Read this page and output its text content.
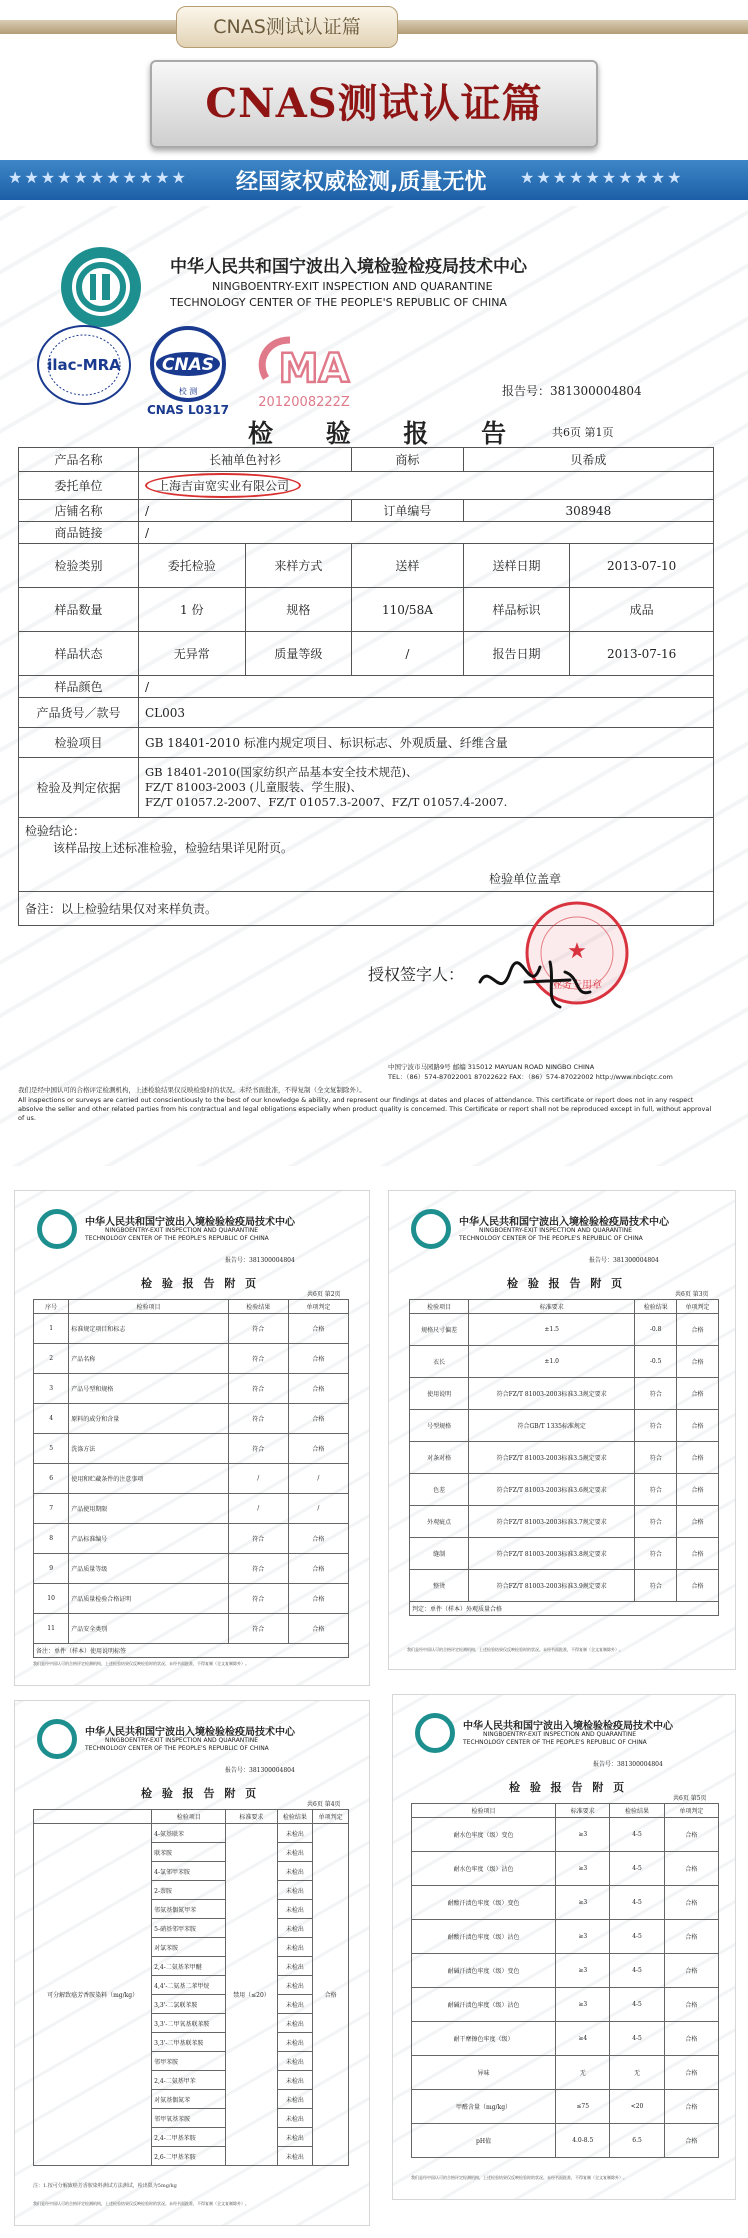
CNAS测试认证篇
CNAS测试认证篇
★★★★★★★★★★★ 经国家权威检测,质量无忧 ★★★★★★★★★★
中华人民共和国宁波出入境检验检疫局技术中心
NINGBOENTRY-EXIT INSPECTION AND QUARANTINE
TECHNOLOGY CENTER OF THE PEOPLE'S REPUBLIC OF CHINA
ilac-MRA CNAS
校 测
CNAS L0317
MA
2012008222Z
报告号：381300004804
检 验 报 告 共6页 第1页
产品名称	长袖单色衬衫		商标	贝希成	
委托单位	上海吉亩宽实业有限公司				
店铺名称	/		订单编号	308948	
商品链接	/				
检验类别	委托检验	来样方式	送样	送样日期	2013-07-10
样品数量	1 份	规格	110/58A	样品标识	成品
样品状态	无异常	质量等级	/	报告日期	2013-07-16
样品颜色	/				
产品货号／款号	CL003				
检验项目	GB 18401-2010 标准内规定项目、标识标志、外观质量、纤维含量				
检验及判定依据	GB 18401-2010(国家纺织产品基本安全技术规范)、
FZ/T 81003-2003 (儿童服装、学生服)、
FZ/T 01057.2-2007、FZ/T 01057.3-2007、FZ/T 01057.4-2007.				

检验结论：
该样品按上述标准检验，检验结果详见附页。
检验单位盖章					

备注：以上检验结果仅对来样负责。					
★
业务专用章
授权签字人：
中国宁波市马园路9号 邮编 315012 MAYUAN ROAD NINGBO CHINA
TEL：（86）574-87022001 87022622 FAX：（86）574-87022002 http://www.nbciqtc.com
我们是经中国认可的合格评定检测机构，上述检验结果仅反映检验时的状况。未经书面批准，不得复制（全文复制除外）。
All inspections or surveys are carried out conscientiously to the best of our knowledge & ability, and represent our findings at dates and places of attendance. This certificate or report does not in any respect absolve the seller and other related parties from his contractual and legal obligations especially when product quality is concerned. This Certificate or report shall not be reproduced except in full, without approval of us.
中华人民共和国宁波出入境检验检疫局技术中心
NINGBOENTRY-EXIT INSPECTION AND QUARANTINE
TECHNOLOGY CENTER OF THE PEOPLE'S REPUBLIC OF CHINA
报告号：381300004804
检 验 报 告 附 页
共6页 第2页
序号	检验项目	检验结果	单项判定
1	标准规定项目和标志	符合	合格
2	产品名称	符合	合格
3	产品号型和规格	符合	合格
4	原料的成分和含量	符合	合格
5	洗涤方法	符合	合格
6	使用和贮藏条件的注意事项	/	/
7	产品使用期限	/	/
8	产品标准编号	符合	合格
9	产品质量等级	符合	合格
10	产品质量检验合格证明	符合	合格
11	产品安全类别	符合	合格
备注：单件（样本）使用说明标签			
我们是经中国认可的合格评定检测机构，上述检验结果仅反映检验时的状况。未经书面批准，不得复制（全文复制除外）。
中华人民共和国宁波出入境检验检疫局技术中心
NINGBOENTRY-EXIT INSPECTION AND QUARANTINE
TECHNOLOGY CENTER OF THE PEOPLE'S REPUBLIC OF CHINA
报告号：381300004804
检 验 报 告 附 页
共6页 第3页
检验项目	标准要求	检验结果	单项判定
规格尺寸偏差	±1.5	-0.8	合格
衣长	±1.0	-0.5	合格
使用说明	符合FZ/T 81003-2003标准3.3规定要求	符合	合格
号型规格	符合GB/T 1335标准规定	符合	合格
对条对格	符合FZ/T 81003-2003标准3.5规定要求	符合	合格
色差	符合FZ/T 81003-2003标准3.6规定要求	符合	合格
外观疵点	符合FZ/T 81003-2003标准3.7规定要求	符合	合格
缝制	符合FZ/T 81003-2003标准3.8规定要求	符合	合格
整烫	符合FZ/T 81003-2003标准3.9规定要求	符合	合格
判定：单件（样本）外观质量合格			
我们是经中国认可的合格评定检测机构，上述检验结果仅反映检验时的状况。未经书面批准，不得复制（全文复制除外）。
中华人民共和国宁波出入境检验检疫局技术中心
NINGBOENTRY-EXIT INSPECTION AND QUARANTINE
TECHNOLOGY CENTER OF THE PEOPLE'S REPUBLIC OF CHINA
报告号：381300004804
检 验 报 告 附 页
共6页 第4页
	检验项目	标准要求	检验结果	单项判定
可分解致癌芳香胺染料（mg/kg）	4-氨基联苯	禁用（≤20）	未检出	合格
	联苯胺		未检出	
	4-氯邻甲苯胺		未检出	
	2-萘胺		未检出	
	邻氨基偶氮甲苯		未检出	
	5-硝基邻甲苯胺		未检出	
	对氯苯胺		未检出	
	2,4-二氨基苯甲醚		未检出	
	4,4'-二氨基二苯甲烷		未检出	
	3,3'-二氯联苯胺		未检出	
	3,3'-二甲氧基联苯胺		未检出	
	3,3'-二甲基联苯胺		未检出	
	邻甲苯胺		未检出	
	2,4-二氨基甲苯		未检出	
	对氨基偶氮苯		未检出	
	邻甲氧基苯胺		未检出	
	2,4-二甲基苯胺		未检出	
	2,6-二甲基苯胺		未检出	
注：1.按可分解致癌芳香胺染料测试方法测试，检出限为5mg/kg
我们是经中国认可的合格评定检测机构，上述检验结果仅反映检验时的状况。未经书面批准，不得复制（全文复制除外）。
中华人民共和国宁波出入境检验检疫局技术中心
NINGBOENTRY-EXIT INSPECTION AND QUARANTINE
TECHNOLOGY CENTER OF THE PEOPLE'S REPUBLIC OF CHINA
报告号：381300004804
检 验 报 告 附 页
共6页 第5页
检验项目	标准要求	检验结果	单项判定
耐水色牢度（级）变色	≥3	4-5	合格
耐水色牢度（级）沾色	≥3	4-5	合格
耐酸汗渍色牢度（级）变色	≥3	4-5	合格
耐酸汗渍色牢度（级）沾色	≥3	4-5	合格
耐碱汗渍色牢度（级）变色	≥3	4-5	合格
耐碱汗渍色牢度（级）沾色	≥3	4-5	合格
耐干摩擦色牢度（级）	≥4	4-5	合格
异味	无	无	合格
甲醛含量（mg/kg）	≤75	<20	合格
pH值	4.0-8.5	6.5	合格
我们是经中国认可的合格评定检测机构，上述检验结果仅反映检验时的状况。未经书面批准，不得复制（全文复制除外）。
